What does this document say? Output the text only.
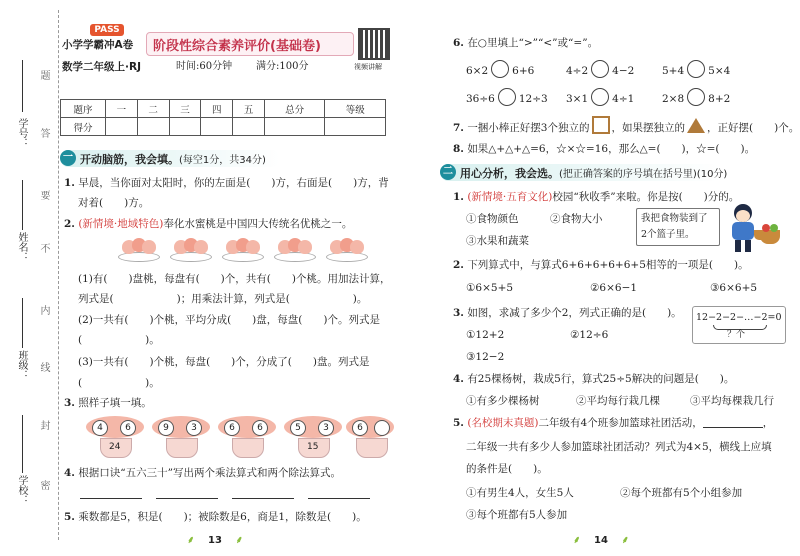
学号：
姓名：
班级：
学校：
题
答
要
不
内
线
封
密
PASS
小学学霸冲A卷 阶段性综合素养评价(基础卷)
数学二年级上·RJ	时间:60分钟 满分:100分	视频讲解
题序	一	二	三	四	五	总分	等级
得分							
一 开动脑筋，我会填。(每空1分，共34分)
1. 早晨，当你面对太阳时，你的左面是(　　)方，右面是(　　)方，背
对着(　　)方。
2. (新情境·地域特色)奉化水蜜桃是中国四大传统名优桃之一。
(1)有(　　)盘桃，每盘有(　　)个，共有(　　)个桃。用加法计算，
列式是(　　　　　　)；用乘法计算，列式是(　　　　　　)。
(2)一共有(　　)个桃，平均分成(　　)盘，每盘(　　)个。列式是
(　　　　　　)。
(3)一共有(　　)个桃，每盘(　　)个，分成了(　　)盘。列式是
(　　　　　　)。
3. 照样子填一填。
4	6
24
9	3	6	6	5	3
15
6
4. 根据口诀“五六三十”写出两个乘法算式和两个除法算式。
5. 乘数都是5，积是(　　)；被除数是6，商是1，除数是(　　)。
⸙ 13 ⸙
6. 在○里填上“>”“<”或“=”。
6×2 6+6	4÷2 4−2	5+4 5×4
36÷6 12÷3 3×1 4÷1	2×8 8+2
7. 一捆小棒正好摆3个独立的 ，如果摆独立的 ，正好摆(　　)个。
8. 如果△+△+△=6，☆×☆=16，那么△=(　　)，☆=(　　)。
二 用心分析，我会选。(把正确答案的序号填在括号里)(10分)
1. (新情境·五育文化)校园“秋收季”来啦。你是按(　　)分的。
①食物颜色	②食物大小
③水果和蔬菜
我把食物装到了
2个篮子里。
2. 下列算式中，与算式6+6+6+6+6+5相等的一项是(　　)。
①6×5+5	②6×6−1	③6×6+5
3. 如图，求减了多少个2，列式正确的是(　　)。 12−2−2−…−2=0
？个
①12+2	②12÷6
③12−2
4. 有25棵杨树，栽成5行，算式25÷5解决的问题是(　　)。
①有多少棵杨树	②平均每行栽几棵	③平均每棵栽几行
5. (名校期末真题)二年级有4个班参加篮球社团活动，	，
二年级一共有多少人参加篮球社团活动？列式为4×5，横线上应填
的条件是(　　)。
①有男生4人，女生5人	②每个班都有5个小组参加
③每个班都有5人参加
⸙ 14 ⸙
